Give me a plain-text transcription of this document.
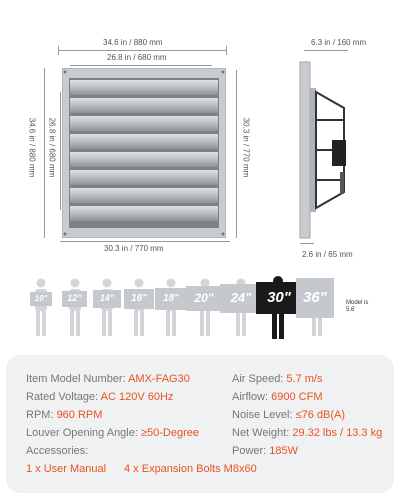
34.6 in / 880 mm
26.8 in / 680 mm
34.6 in / 880 mm 26.8 in / 680 mm	30.3 in / 770 mm
30.3 in / 770 mm
6.3 in / 160 mm
2.6 in / 65 mm
10"	12"	14"	16"	18"	20"	24"	30" 36"	Model is 5.6'
Item Model Number: AMX-FAG30
Rated Voltage: AC 120V 60Hz
RPM: 960 RPM
Louver Opening Angle: ≥50-Degree
Accessories:
Air Speed: 5.7 m/s
Airflow: 6900 CFM
Noise Level: ≤76 dB(A)
Net Weight: 29.32 lbs / 13.3 kg
Power: 185W
1 x User Manual 4 x Expansion Bolts M8x60
